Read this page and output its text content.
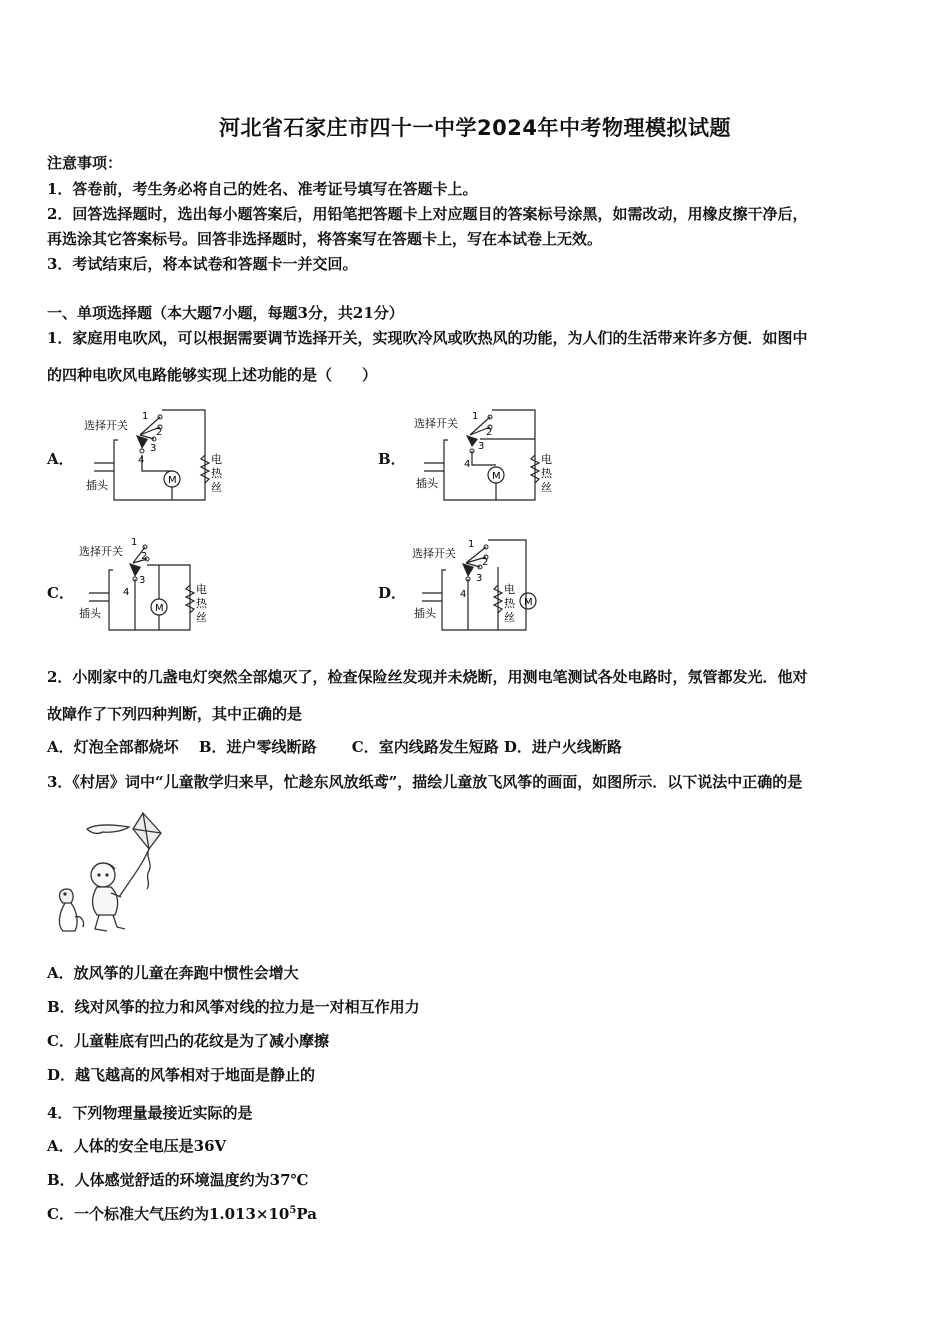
河北省石家庄市四十一中学2024年中考物理模拟试题
注意事项：
1．答卷前，考生务必将自己的姓名、准考证号填写在答题卡上。
2．回答选择题时，选出每小题答案后，用铅笔把答题卡上对应题目的答案标号涂黑，如需改动，用橡皮擦干净后，
再选涂其它答案标号。回答非选择题时，将答案写在答题卡上，写在本试卷上无效。
3．考试结束后，将本试卷和答题卡一并交回。
一、单项选择题（本大题7小题，每题3分，共21分）
1．家庭用电吹风，可以根据需要调节选择开关，实现吹冷风或吹热风的功能，为人们的生活带来许多方便．如图中
的四种电吹风电路能够实现上述功能的是（　　）
A．	B．
C．	D．
选择开关
1
2
3
4
M
插头
电
热
丝
选择开关
1
2
3
4
M
插头
电
热
丝
选择开关
1
2
3
4
M
插头
电
热
丝
选择开关
1
2
3
4
M
插头
电
热
丝
2．小刚家中的几盏电灯突然全部熄灭了，检查保险丝发现并未烧断，用测电笔测试各处电路时，氖管都发光．他对
故障作了下列四种判断，其中正确的是
A．灯泡全部都烧坏　 B．进户零线断路　　 C．室内线路发生短路 D．进户火线断路
3．《村居》词中“儿童散学归来早，忙趁东风放纸鸢”，描绘儿童放飞风筝的画面，如图所示．以下说法中正确的是
A．放风筝的儿童在奔跑中惯性会增大
B．线对风筝的拉力和风筝对线的拉力是一对相互作用力
C．儿童鞋底有凹凸的花纹是为了减小摩擦
D．越飞越高的风筝相对于地面是静止的
4．下列物理量最接近实际的是
A．人体的安全电压是36V
B．人体感觉舒适的环境温度约为37℃
C．一个标准大气压约为$1.013\times 10^5Pa$
